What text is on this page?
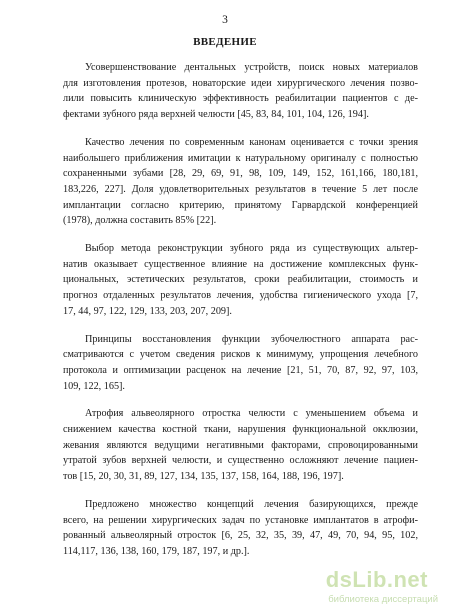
3
ВВЕДЕНИЕ

Усовершенствование дентальных устройств, поиск новых материалов
для изготовления протезов, новаторские идеи хирургического лечения позво-
лили повысить клиническую эффективность реабилитации пациентов с де-
фектами зубного ряда верхней челюсти [45, 83, 84, 101, 104, 126, 194].

Качество лечения по современным канонам оценивается с точки зрения
наибольшего приближения имитации к натуральному оригиналу с полностью
сохраненными зубами [28, 29, 69, 91, 98, 109, 149, 152, 161,166, 180,181,
183,226, 227]. Доля удовлетворительных результатов в течение 5 лет после
имплантации согласно критерию, принятому Гарвардской конференцией
(1978), должна составить 85% [22].

Выбор метода реконструкции зубного ряда из существующих альтер-
натив оказывает существенное влияние на достижение комплексных функ-
циональных, эстетических результатов, сроки реабилитации, стоимость и
прогноз отдаленных результатов лечения, удобства гигиенического ухода [7,
17, 44, 97, 122, 129, 133, 203, 207, 209].

Принципы восстановления функции зубочелюстного аппарата рас-
сматриваются с учетом сведения рисков к минимуму, упрощения лечебного
протокола и оптимизации расценок на лечение [21, 51, 70, 87, 92, 97, 103,
109, 122, 165].

Атрофия альвеолярного отростка челюсти с уменьшением объема и
снижением качества костной ткани, нарушения функциональной окклюзии,
жевания являются ведущими негативными факторами, спровоцированными
утратой зубов верхней челюсти, и существенно осложняют лечение пациен-
тов [15, 20, 30, 31, 89, 127, 134, 135, 137, 158, 164, 188, 196, 197].

Предложено множество концепций лечения базирующихся, прежде
всего, на решении хирургических задач по установке имплантатов в атрофи-
рованный альвеолярный отросток [6, 25, 32, 35, 39, 47, 49, 70, 94, 95, 102,
114,117, 136, 138, 160, 179, 187, 197, и др.].

dsLib.net
библиотека диссертаций
